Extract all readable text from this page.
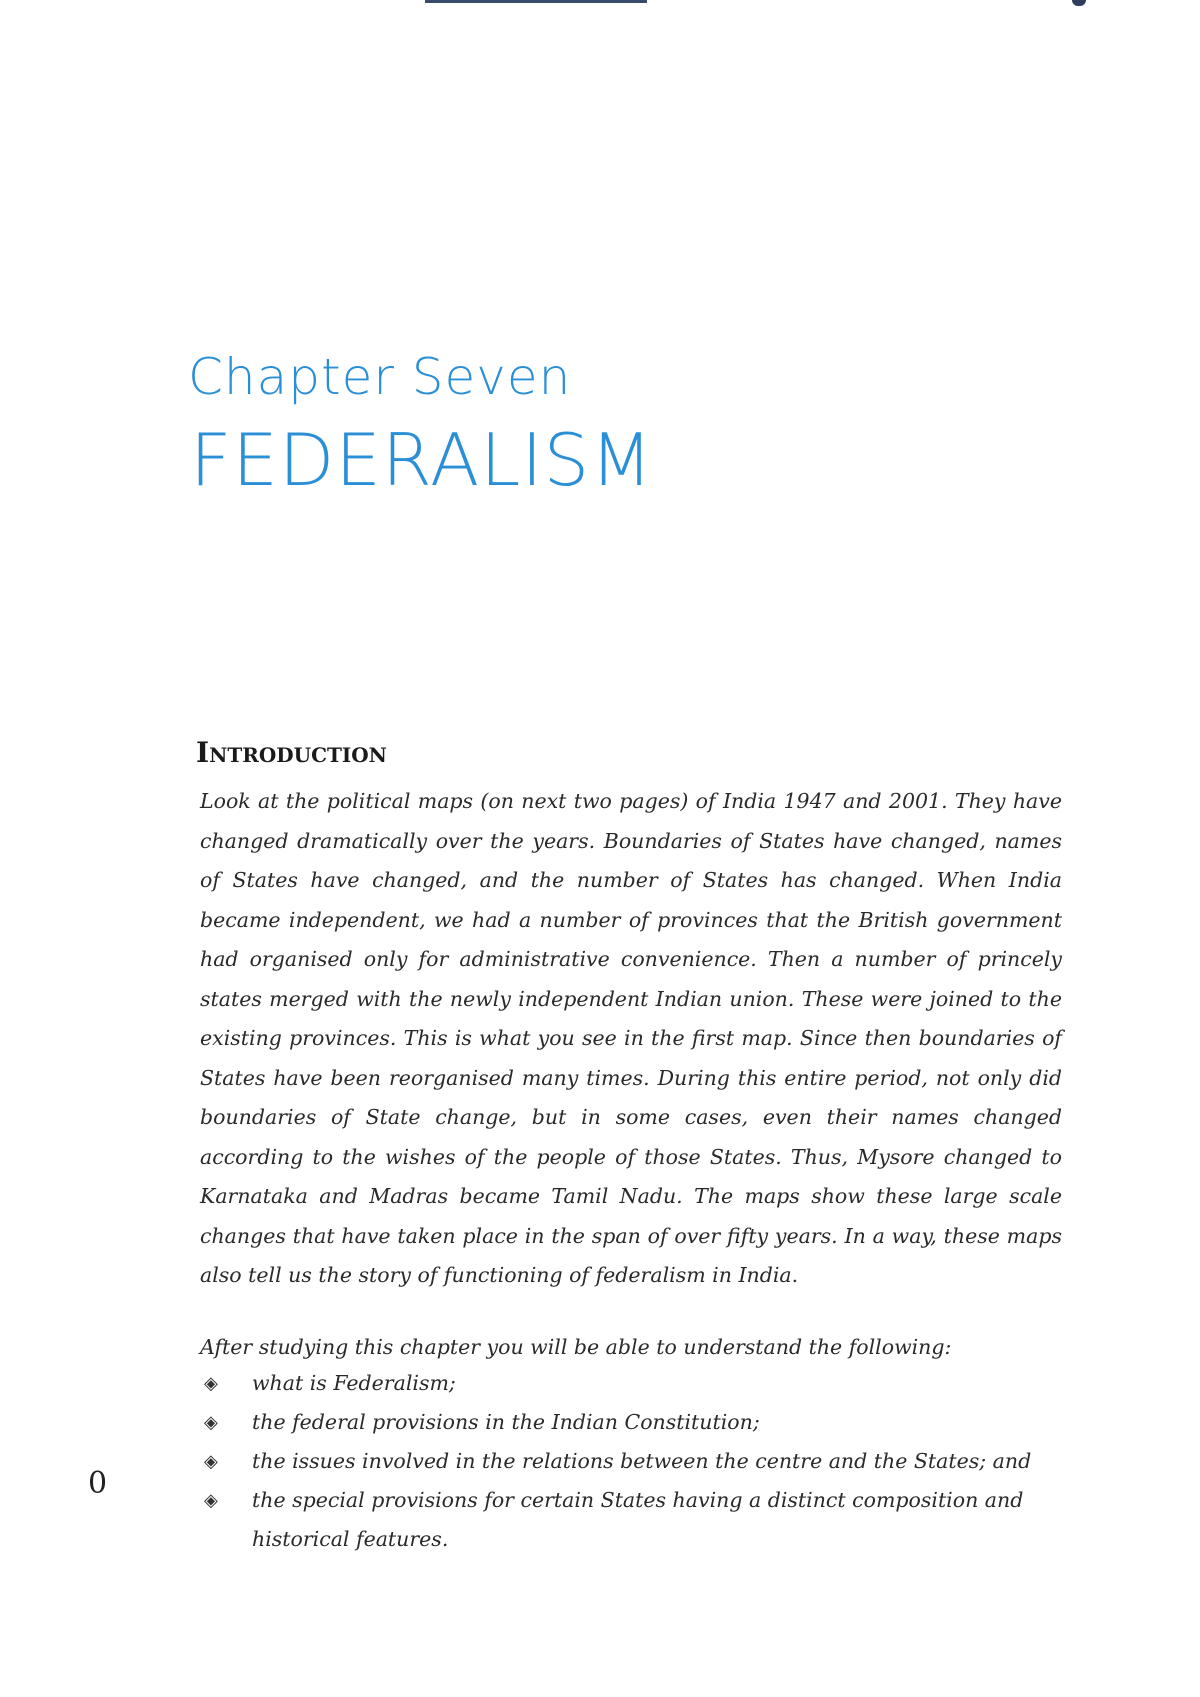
Chapter Seven
FEDERALISM
Introduction

Look at the political maps (on next two pages) of India 1947 and 2001. They have changed dramatically over the years. Boundaries of States have changed, names of States have changed, and the number of States has changed. When India became independent, we had a number of provinces that the British government had organised only for administrative convenience. Then a number of princely states merged with the newly independent Indian union. These were joined to the existing provinces. This is what you see in the first map. Since then boundaries of States have been reorganised many times. During this entire period, not only did boundaries of State change, but in some cases, even their names changed according to the wishes of the people of those States. Thus, Mysore changed to Karnataka and Madras became Tamil Nadu. The maps show these large scale changes that have taken place in the span of over fifty years. In a way, these maps also tell us the story of functioning of federalism in India.

After studying this chapter you will be able to understand the following:

◈ what is Federalism;
◈ the federal provisions in the Indian Constitution;
◈ the issues involved in the relations between the centre and the States; and
◈ the special provisions for certain States having a distinct composition and historical features.
0
